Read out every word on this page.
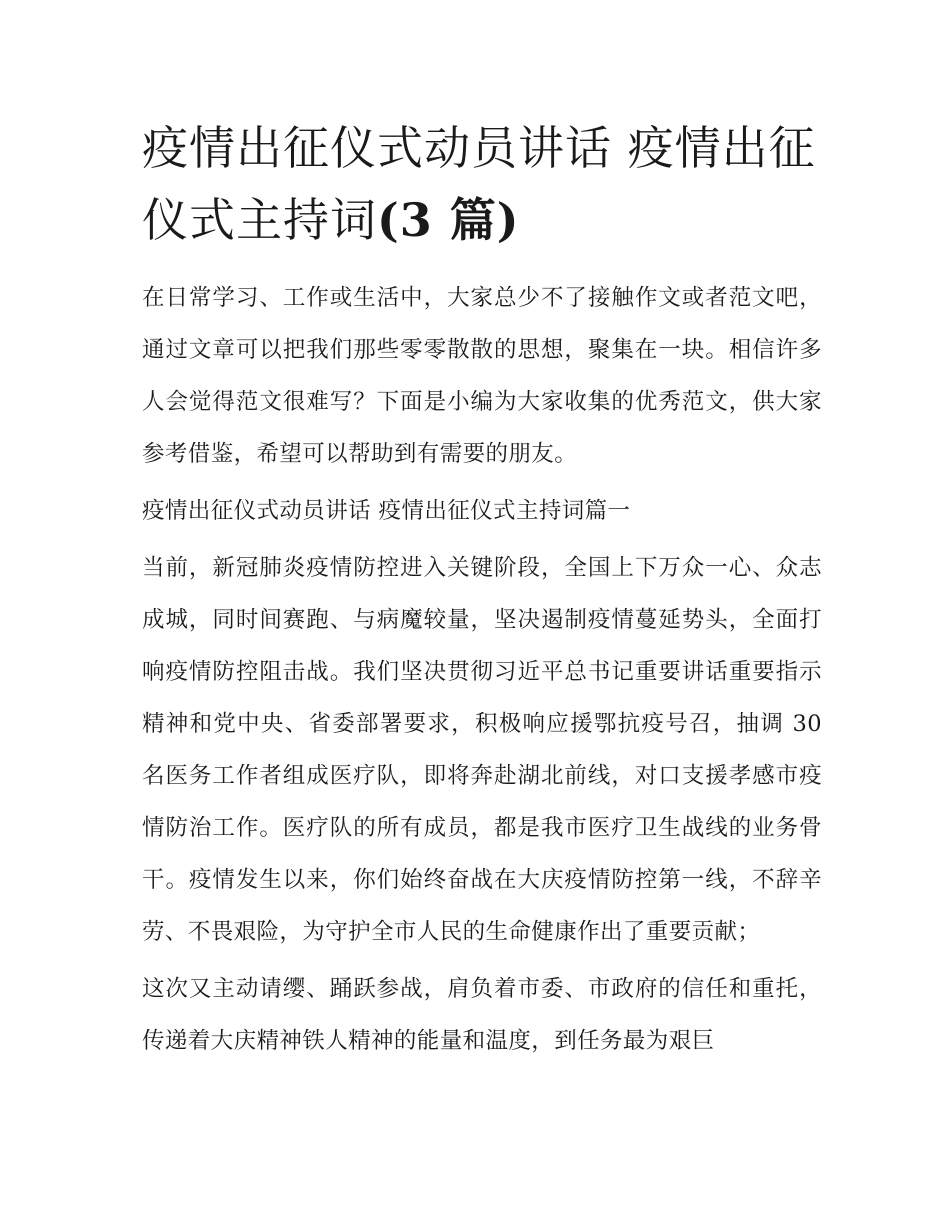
疫情出征仪式动员讲话 疫情出征仪式主持词(3 篇)

在日常学习、工作或生活中，大家总少不了接触作文或者范文吧，通过文章可以把我们那些零零散散的思想，聚集在一块。相信许多人会觉得范文很难写？下面是小编为大家收集的优秀范文，供大家参考借鉴，希望可以帮助到有需要的朋友。

疫情出征仪式动员讲话 疫情出征仪式主持词篇一

当前，新冠肺炎疫情防控进入关键阶段，全国上下万众一心、众志成城，同时间赛跑、与病魔较量，坚决遏制疫情蔓延势头，全面打响疫情防控阻击战。我们坚决贯彻习近平总书记重要讲话重要指示精神和党中央、省委部署要求，积极响应援鄂抗疫号召，抽调 30 名医务工作者组成医疗队，即将奔赴湖北前线，对口支援孝感市疫情防治工作。医疗队的所有成员，都是我市医疗卫生战线的业务骨干。疫情发生以来，你们始终奋战在大庆疫情防控第一线，不辞辛劳、不畏艰险，为守护全市人民的生命健康作出了重要贡献；

这次又主动请缨、踊跃参战，肩负着市委、市政府的信任和重托，传递着大庆精神铁人精神的能量和温度，到任务最为艰巨
